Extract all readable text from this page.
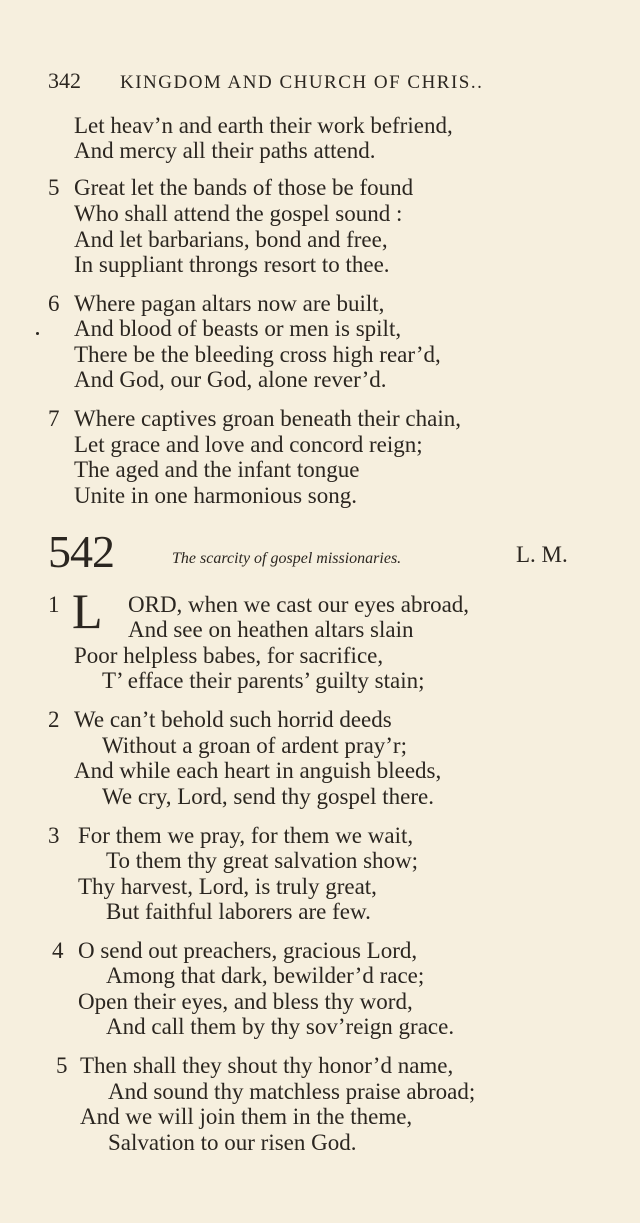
342 KINGDOM AND CHURCH OF CHRIS..
Let heav’n and earth their work befriend,
And mercy all their paths attend.
5 Great let the bands of those be found
Who shall attend the gospel sound :
And let barbarians, bond and free,
In suppliant throngs resort to thee.
6 Where pagan altars now are built,
And blood of beasts or men is spilt,
There be the bleeding cross high rear’d,
And God, our God, alone rever’d.
7 Where captives groan beneath their chain,
Let grace and love and concord reign;
The aged and the infant tongue
Unite in one harmonious song.
542	The scarcity of gospel missionaries.	L. M.
1 L ORD, when we cast our eyes abroad,
And see on heathen altars slain
Poor helpless babes, for sacrifice,
T’ efface their parents’ guilty stain;
2 We can’t behold such horrid deeds
Without a groan of ardent pray’r;
And while each heart in anguish bleeds,
We cry, Lord, send thy gospel there.
3 For them we pray, for them we wait,
To them thy great salvation show;
Thy harvest, Lord, is truly great,
But faithful laborers are few.
4 O send out preachers, gracious Lord,
Among that dark, bewilder’d race;
Open their eyes, and bless thy word,
And call them by thy sov’reign grace.
5 Then shall they shout thy honor’d name,
And sound thy matchless praise abroad;
And we will join them in the theme,
Salvation to our risen God.
